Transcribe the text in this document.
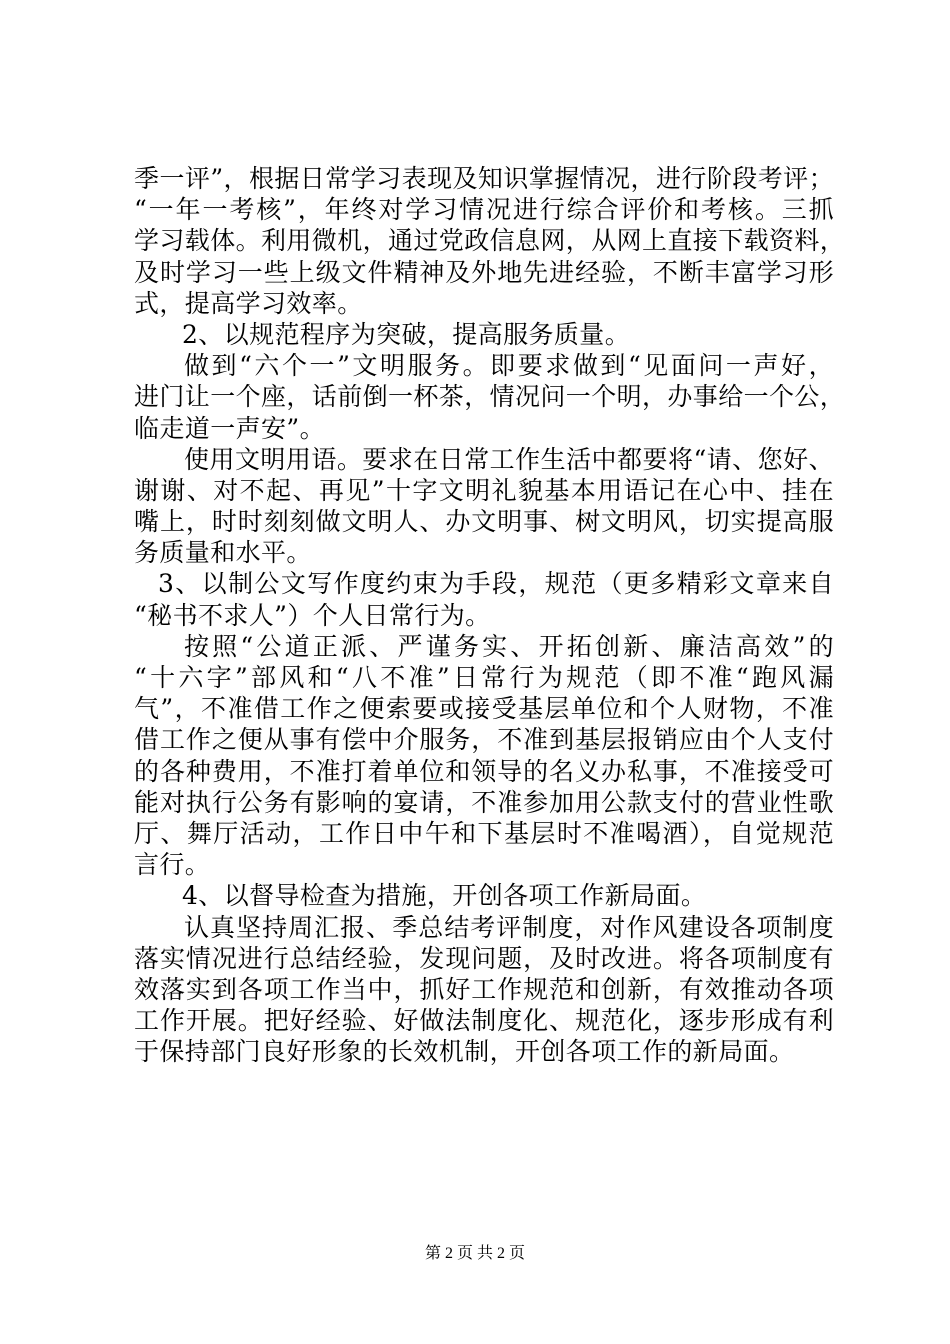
季一评”，根据日常学习表现及知识掌握情况，进行阶段考评；
“一年一考核”，年终对学习情况进行综合评价和考核。三抓
学习载体。利用微机，通过党政信息网，从网上直接下载资料，
及时学习一些上级文件精神及外地先进经验，不断丰富学习形
式，提高学习效率。
2、以规范程序为突破，提高服务质量。
做到“六个一”文明服务。即要求做到“见面问一声好，
进门让一个座，话前倒一杯茶，情况问一个明，办事给一个公，
临走道一声安”。
使用文明用语。要求在日常工作生活中都要将“请、您好、
谢谢、对不起、再见”十字文明礼貌基本用语记在心中、挂在
嘴上，时时刻刻做文明人、办文明事、树文明风，切实提高服
务质量和水平。
3、以制公文写作度约束为手段，规范（更多精彩文章来自
“秘书不求人”）个人日常行为。
按照“公道正派、严谨务实、开拓创新、廉洁高效”的
“十六字”部风和“八不准”日常行为规范（即不准“跑风漏
气”，不准借工作之便索要或接受基层单位和个人财物，不准
借工作之便从事有偿中介服务，不准到基层报销应由个人支付
的各种费用，不准打着单位和领导的名义办私事，不准接受可
能对执行公务有影响的宴请，不准参加用公款支付的营业性歌
厅、舞厅活动，工作日中午和下基层时不准喝酒），自觉规范
言行。
4、以督导检查为措施，开创各项工作新局面。
认真坚持周汇报、季总结考评制度，对作风建设各项制度
落实情况进行总结经验，发现问题，及时改进。将各项制度有
效落实到各项工作当中，抓好工作规范和创新，有效推动各项
工作开展。把好经验、好做法制度化、规范化，逐步形成有利
于保持部门良好形象的长效机制，开创各项工作的新局面。
第 2 页 共 2 页
